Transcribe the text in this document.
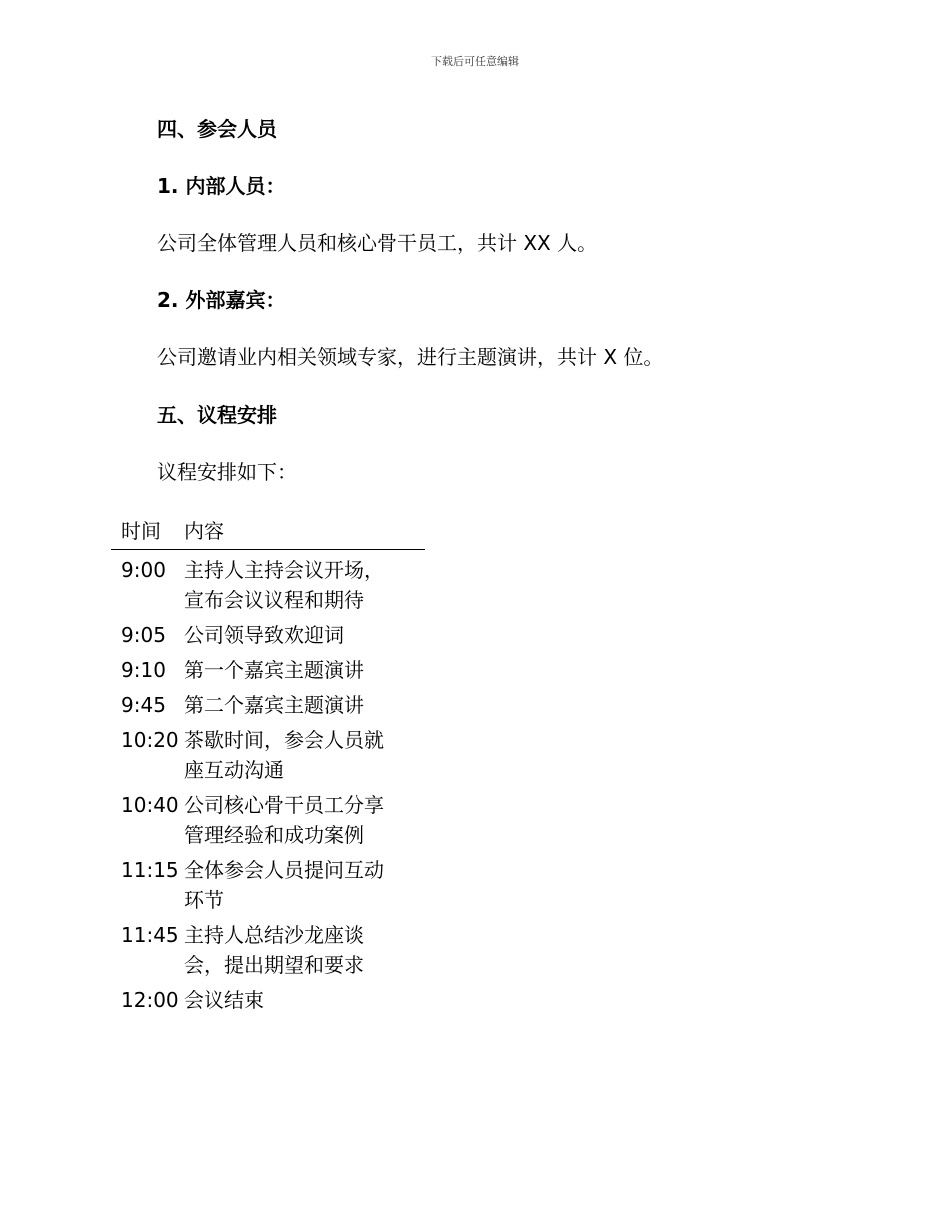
下载后可任意编辑
四、参会人员
1. 内部人员：
公司全体管理人员和核心骨干员工，共计 XX 人。
2. 外部嘉宾：
公司邀请业内相关领域专家，进行主题演讲，共计 X 位。
五、议程安排
议程安排如下：
时间	内容
9:00 主持人主持会议开场，宣布会议议程和期待
9:05 公司领导致欢迎词
9:10 第一个嘉宾主题演讲
9:45 第二个嘉宾主题演讲
10:20 茶歇时间，参会人员就座互动沟通
10:40 公司核心骨干员工分享管理经验和成功案例
11:15 全体参会人员提问互动环节
11:45 主持人总结沙龙座谈会，提出期望和要求
12:00 会议结束
